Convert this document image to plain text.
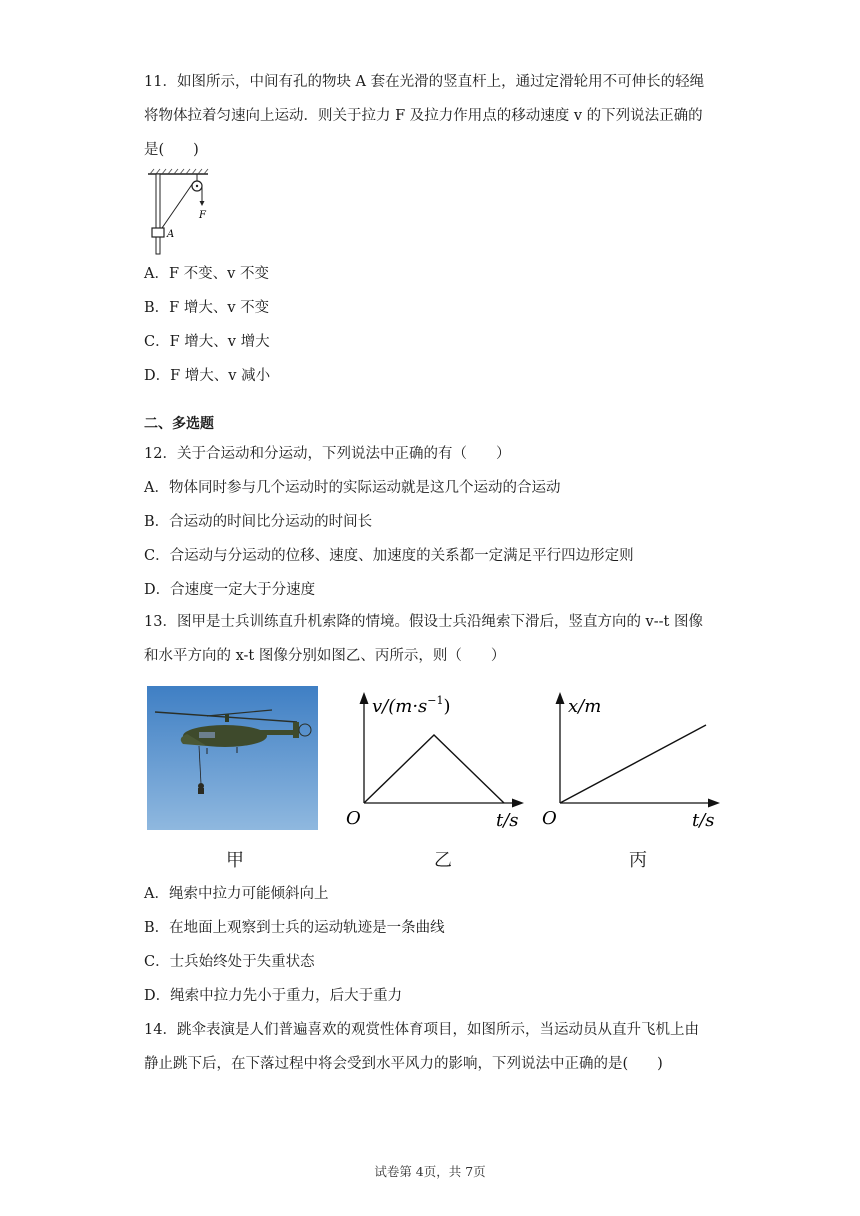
11．如图所示，中间有孔的物块 A 套在光滑的竖直杆上，通过定滑轮用不可伸长的轻绳
将物体拉着匀速向上运动．则关于拉力 F 及拉力作用点的移动速度 v 的下列说法正确的
是(　　)
F
A
A．F 不变、v 不变
B．F 增大、v 不变
C．F 增大、v 增大
D．F 增大、v 减小
二、多选题
12．关于合运动和分运动，下列说法中正确的有（　　）
A．物体同时参与几个运动时的实际运动就是这几个运动的合运动
B．合运动的时间比分运动的时间长
C．合运动与分运动的位移、速度、加速度的关系都一定满足平行四边形定则
D．合速度一定大于分速度
13．图甲是士兵训练直升机索降的情境。假设士兵沿绳索下滑后，竖直方向的 v--t 图像
和水平方向的 x-t 图像分别如图乙、丙所示，则（　　）
$v/(m\cdot s^{-1})$
O	t/s
x/m
O	t/s
甲	乙	丙
A．绳索中拉力可能倾斜向上
B．在地面上观察到士兵的运动轨迹是一条曲线
C．士兵始终处于失重状态
D．绳索中拉力先小于重力，后大于重力
14．跳伞表演是人们普遍喜欢的观赏性体育项目，如图所示，当运动员从直升飞机上由
静止跳下后，在下落过程中将会受到水平风力的影响，下列说法中正确的是(　　)
试卷第 4页，共 7页
